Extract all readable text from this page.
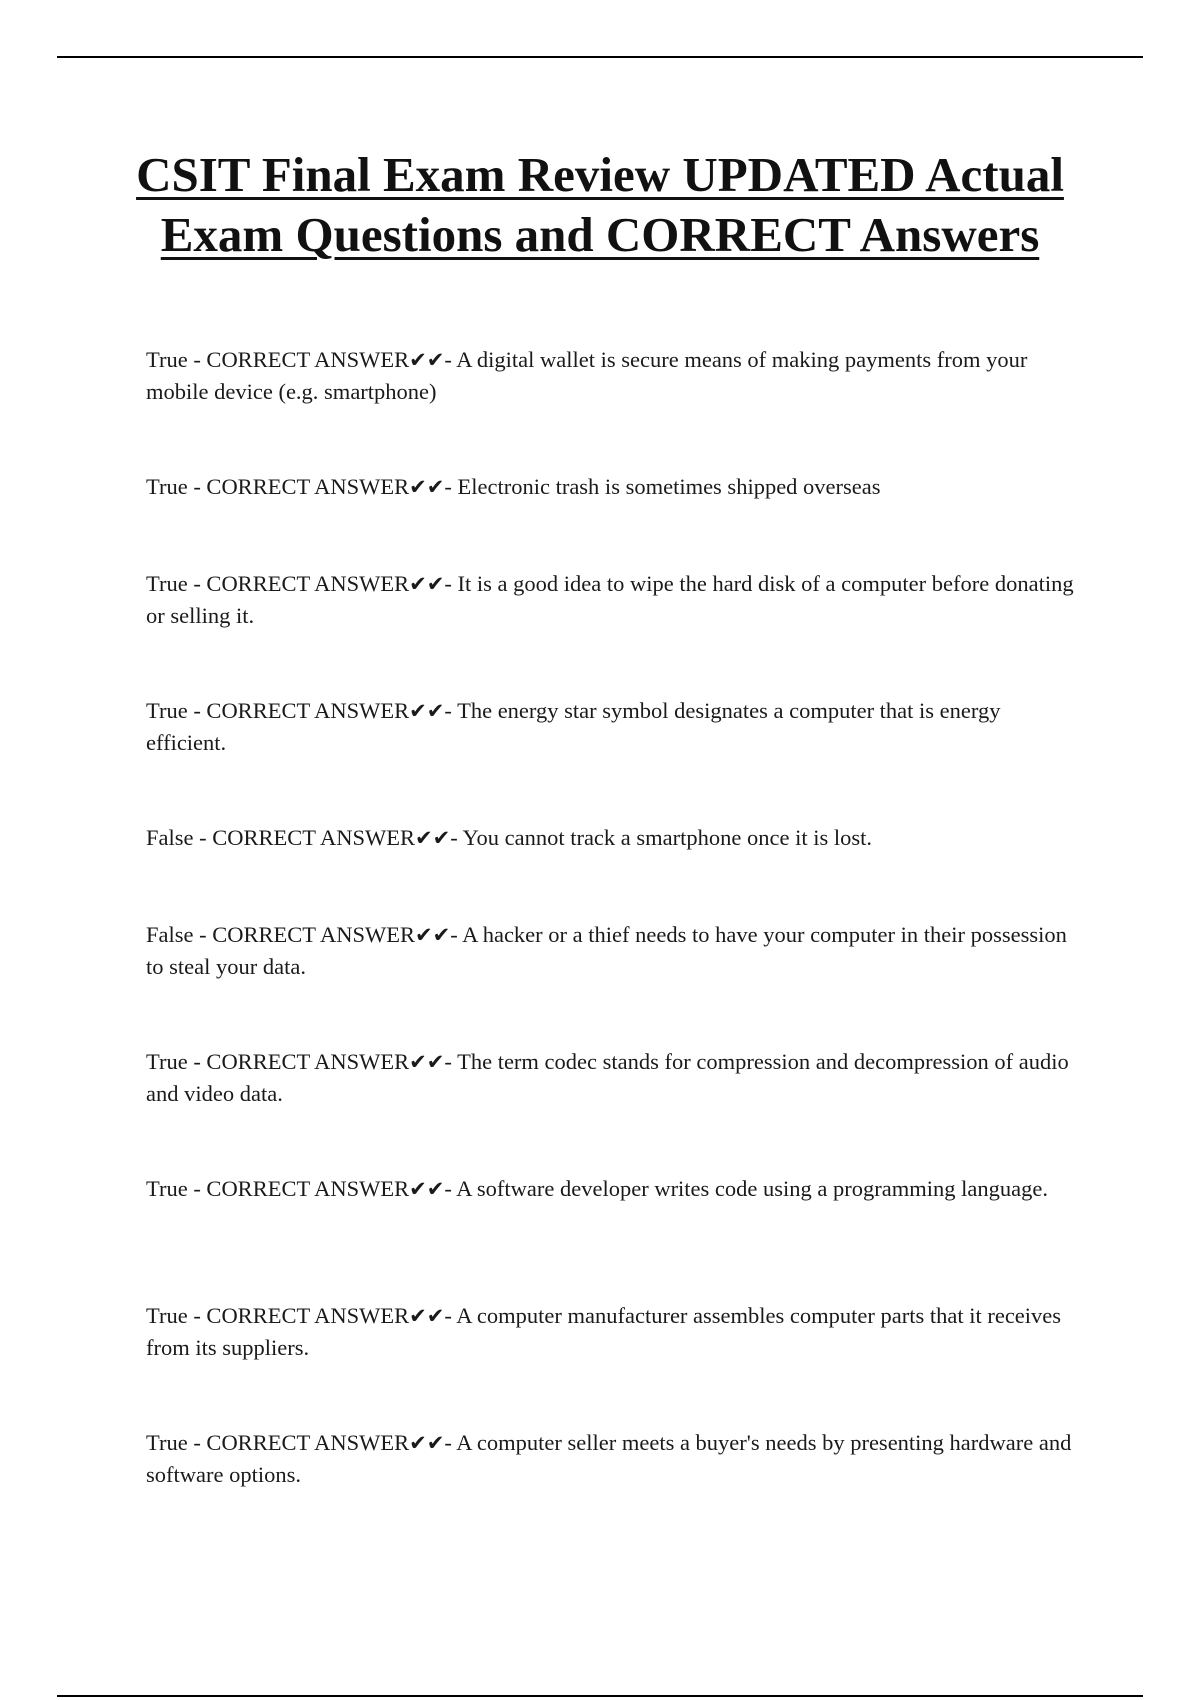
CSIT Final Exam Review UPDATED Actual Exam Questions and CORRECT Answers

True - CORRECT ANSWER✔✔- A digital wallet is secure means of making payments from your mobile device (e.g. smartphone)

True - CORRECT ANSWER✔✔- Electronic trash is sometimes shipped overseas

True - CORRECT ANSWER✔✔- It is a good idea to wipe the hard disk of a computer before donating or selling it.

True - CORRECT ANSWER✔✔- The energy star symbol designates a computer that is energy efficient.

False - CORRECT ANSWER✔✔- You cannot track a smartphone once it is lost.

False - CORRECT ANSWER✔✔- A hacker or a thief needs to have your computer in their possession to steal your data.

True - CORRECT ANSWER✔✔- The term codec stands for compression and decompression of audio and video data.

True - CORRECT ANSWER✔✔- A software developer writes code using a programming language.

True - CORRECT ANSWER✔✔- A computer manufacturer assembles computer parts that it receives from its suppliers.

True - CORRECT ANSWER✔✔- A computer seller meets a buyer's needs by presenting hardware and software options.
